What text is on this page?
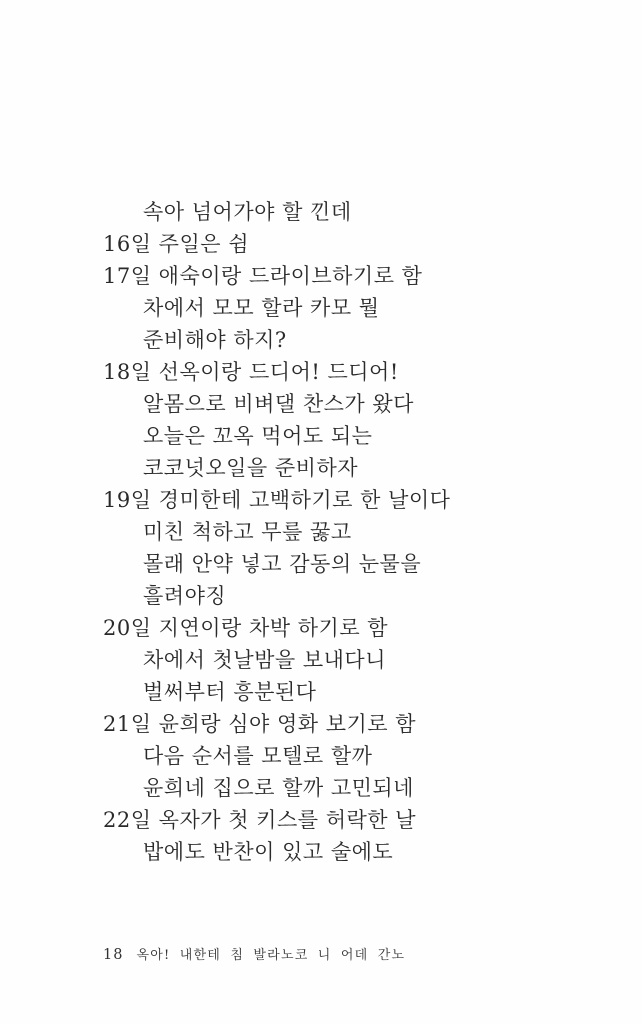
속아 넘어가야 할 낀데

16일 주일은 쉼

17일 애숙이랑 드라이브하기로 함

차에서 모모 할라 카모 뭘

준비해야 하지?

18일 선옥이랑 드디어! 드디어!

알몸으로 비벼댈 찬스가 왔다

오늘은 꼬옥 먹어도 되는

코코넛오일을 준비하자

19일 경미한테 고백하기로 한 날이다

미친 척하고 무릎 꿇고

몰래 안약 넣고 감동의 눈물을

흘려야징

20일 지연이랑 차박 하기로 함

차에서 첫날밤을 보내다니

벌써부터 흥분된다

21일 윤희랑 심야 영화 보기로 함

다음 순서를 모텔로 할까

윤희네 집으로 할까 고민되네

22일 옥자가 첫 키스를 허락한 날

밥에도 반찬이 있고 술에도

18 옥아! 내한테 침 발라노코 니 어데 간노
